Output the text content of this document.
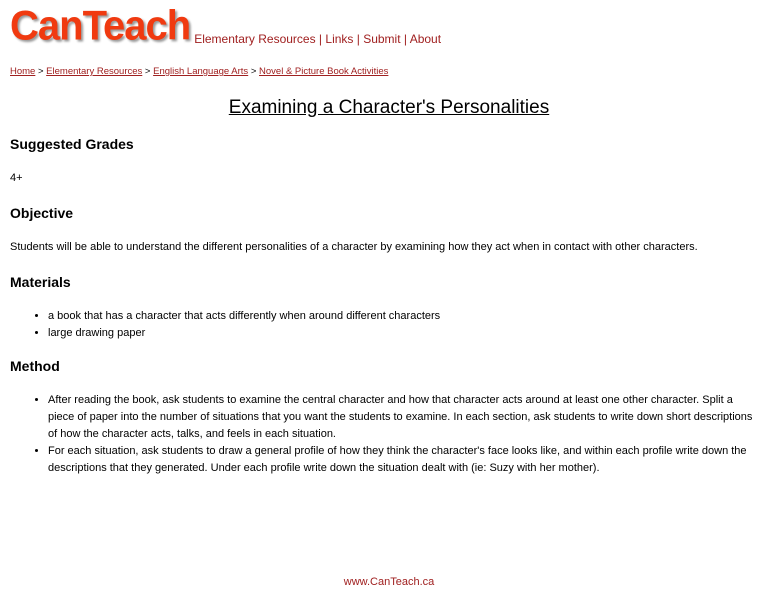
CanTeach Elementary Resources | Links | Submit | About
Home > Elementary Resources > English Language Arts > Novel & Picture Book Activities
Examining a Character's Personalities
Suggested Grades

4+

Objective

Students will be able to understand the different personalities of a character by examining how they act when in contact with other characters.

Materials
• a book that has a character that acts differently when around different characters
• large drawing paper
Method
• After reading the book, ask students to examine the central character and how that character acts around at least one other character. Split a piece of paper into the number of situations that you want the students to examine. In each section, ask students to write down short descriptions of how the character acts, talks, and feels in each situation.
• For each situation, ask students to draw a general profile of how they think the character's face looks like, and within each profile write down the descriptions that they generated. Under each profile write down the situation dealt with (ie: Suzy with her mother).
www.CanTeach.ca
